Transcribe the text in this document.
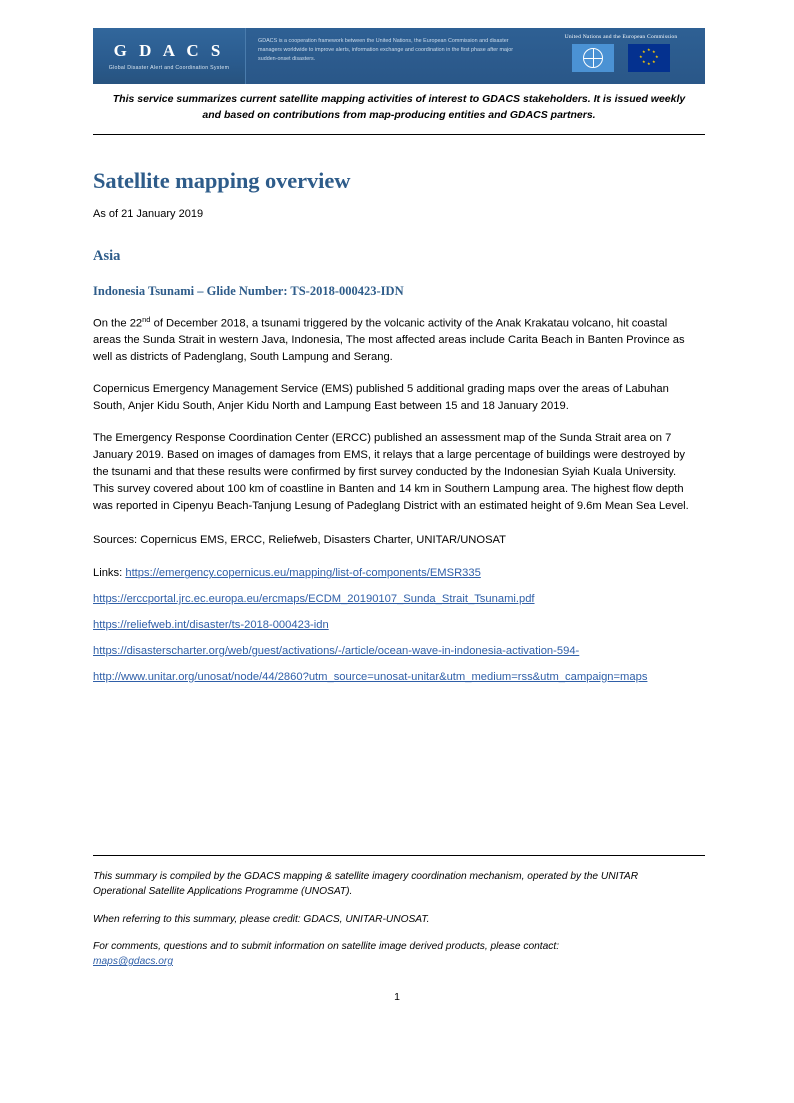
G D A C S
Global Disaster Alert and Coordination System
GDACS is a cooperation framework between the United Nations, the European Commission and disaster managers worldwide to improve alerts, information exchange and coordination in the first phase after major sudden-onset disasters.
United Nations and the European Commission
★ ★
★
★
★
★
★
★
This service summarizes current satellite mapping activities of interest to GDACS stakeholders. It is issued weekly and based on contributions from map-producing entities and GDACS partners.
Satellite mapping overview
As of 21 January 2019
Asia
Indonesia Tsunami – Glide Number: TS-2018-000423-IDN

On the 22nd of December 2018, a tsunami triggered by the volcanic activity of the Anak Krakatau volcano, hit coastal areas the Sunda Strait in western Java, Indonesia, The most affected areas include Carita Beach in Banten Province as well as districts of Padenglang, South Lampung and Serang.

Copernicus Emergency Management Service (EMS) published 5 additional grading maps over the areas of Labuhan South, Anjer Kidu South, Anjer Kidu North and Lampung East between 15 and 18 January 2019.

The Emergency Response Coordination Center (ERCC) published an assessment map of the Sunda Strait area on 7 January 2019. Based on images of damages from EMS, it relays that a large percentage of buildings were destroyed by the tsunami and that these results were confirmed by first survey conducted by the Indonesian Syiah Kuala University. This survey covered about 100 km of coastline in Banten and 14 km in Southern Lampung area. The highest flow depth was reported in Cipenyu Beach-Tanjung Lesung of Padeglang District with an estimated height of 9.6m Mean Sea Level.

Sources: Copernicus EMS, ERCC, Reliefweb, Disasters Charter, UNITAR/UNOSAT

Links: https://emergency.copernicus.eu/mapping/list-of-components/EMSR335
https://erccportal.jrc.ec.europa.eu/ercmaps/ECDM_20190107_Sunda_Strait_Tsunami.pdf
https://reliefweb.int/disaster/ts-2018-000423-idn
https://disasterscharter.org/web/guest/activations/-/article/ocean-wave-in-indonesia-activation-594-
http://www.unitar.org/unosat/node/44/2860?utm_source=unosat-unitar&utm_medium=rss&utm_campaign=maps

This summary is compiled by the GDACS mapping & satellite imagery coordination mechanism, operated by the UNITAR Operational Satellite Applications Programme (UNOSAT).

When referring to this summary, please credit: GDACS, UNITAR-UNOSAT.

For comments, questions and to submit information on satellite image derived products, please contact:
maps@gdacs.org

1
